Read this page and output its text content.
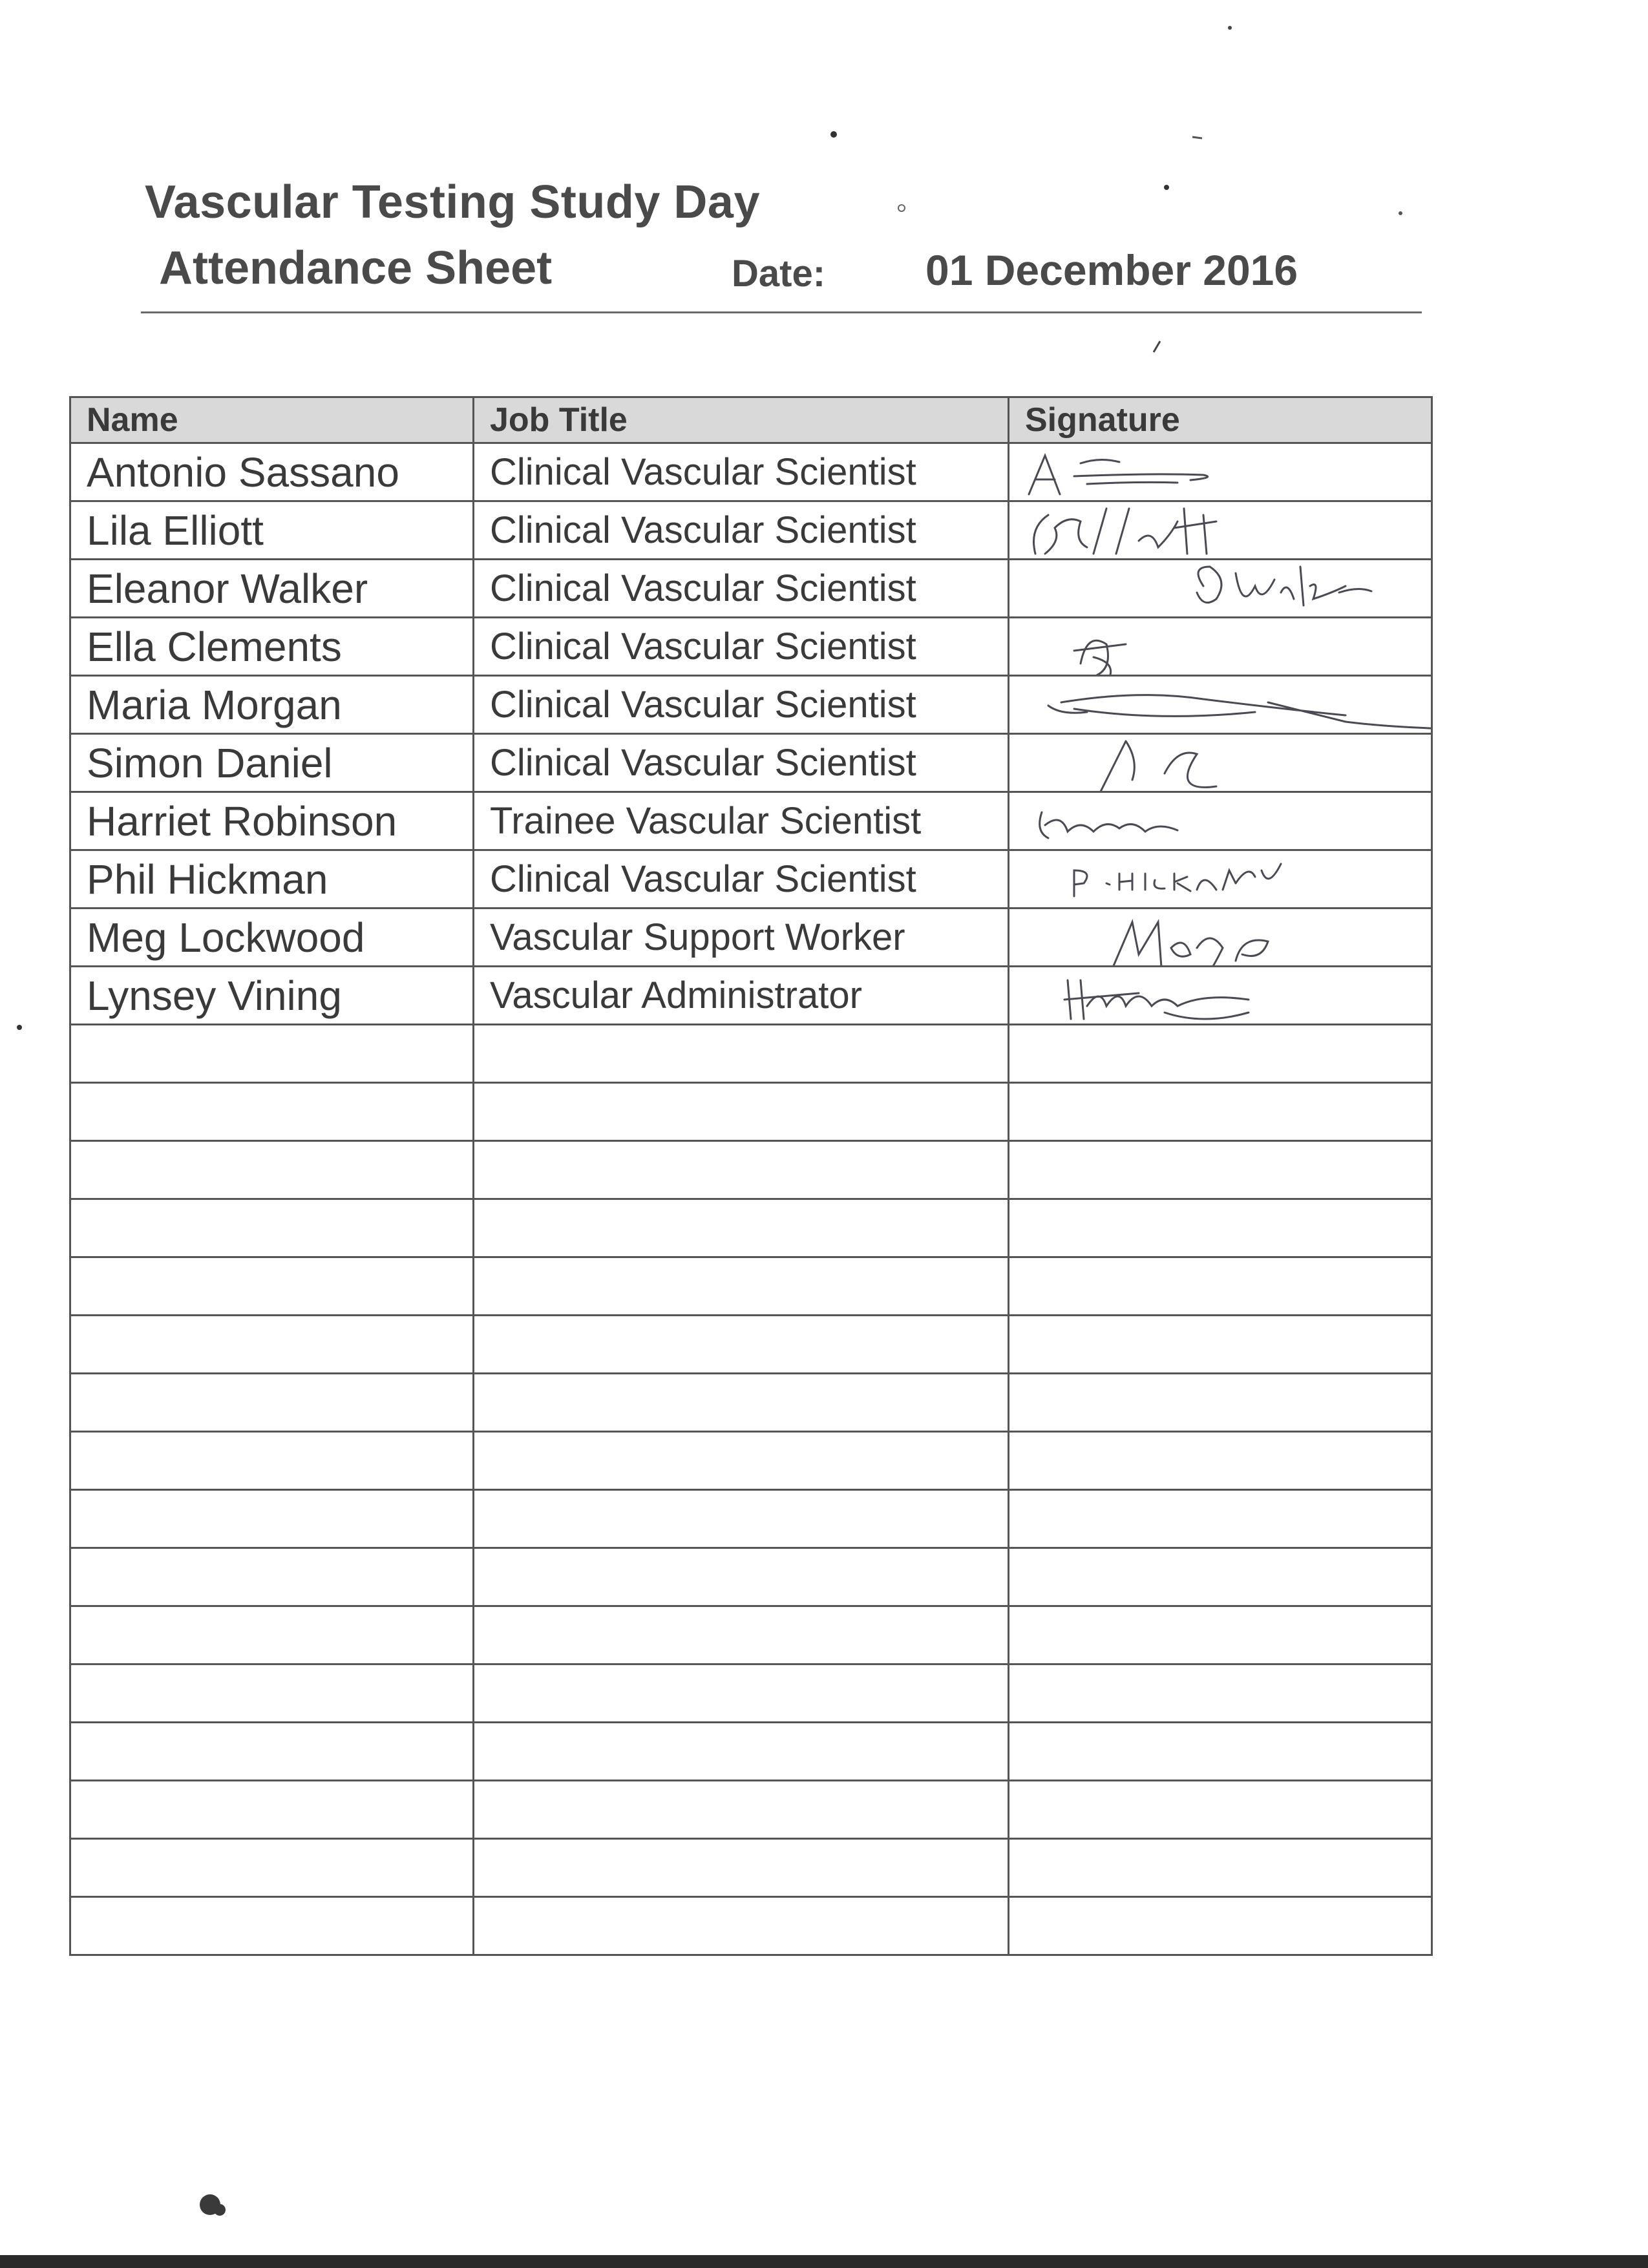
Vascular Testing Study Day
Attendance Sheet	Date: 01 December 2016
Name	Job Title	Signature
Antonio Sassano	Clinical Vascular Scientist	

Lila Elliott	Clinical Vascular Scientist	

Eleanor Walker	Clinical Vascular Scientist	

Ella Clements	Clinical Vascular Scientist	

Maria Morgan	Clinical Vascular Scientist	

Simon Daniel	Clinical Vascular Scientist	

Harriet Robinson	Trainee Vascular Scientist	

Phil Hickman	Clinical Vascular Scientist	

Meg Lockwood	Vascular Support Worker	

Lynsey Vining	Vascular Administrator	
